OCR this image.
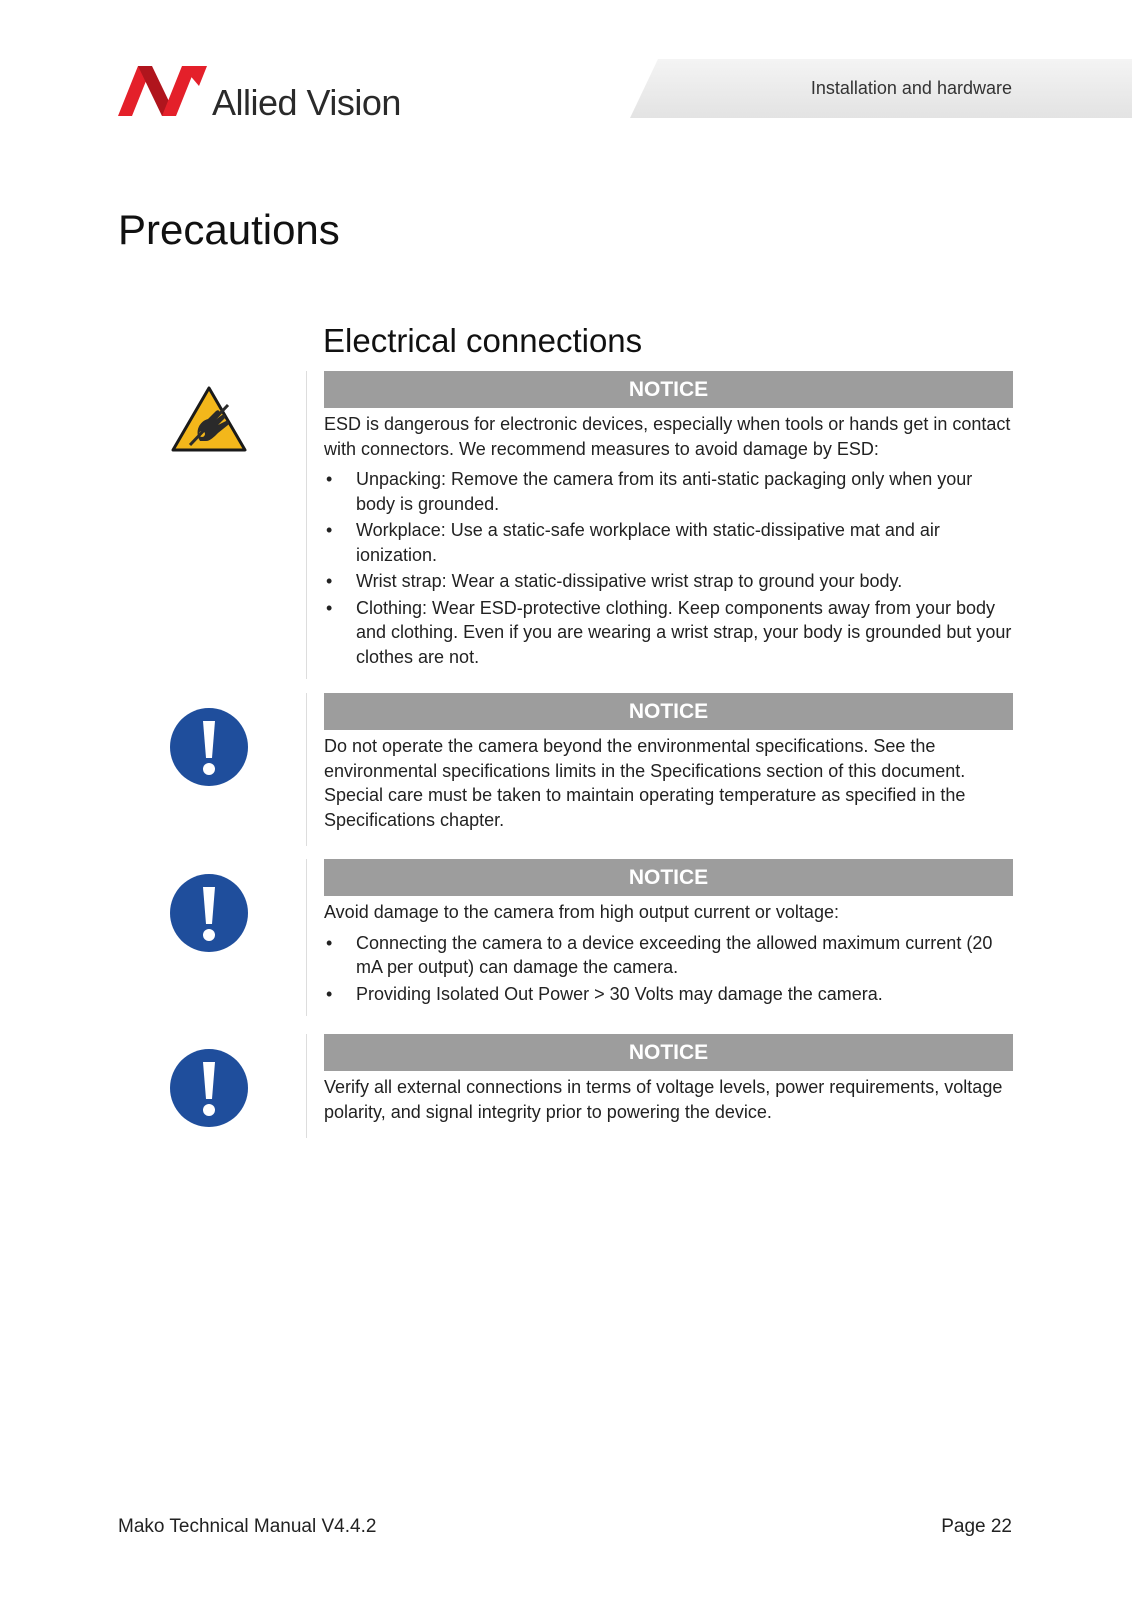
Installation and hardware
Allied Vision
Precautions
Electrical connections
NOTICE

ESD is dangerous for electronic devices, especially when tools or hands get in contact with connectors. We recommend measures to avoid damage by ESD:

• Unpacking: Remove the camera from its anti-static packaging only when your body is grounded.
• Workplace: Use a static-safe workplace with static-dissipative mat and air ionization.
• Wrist strap: Wear a static-dissipative wrist strap to ground your body.
• Clothing: Wear ESD-protective clothing. Keep components away from your body and clothing. Even if you are wearing a wrist strap, your body is grounded but your clothes are not.
NOTICE

Do not operate the camera beyond the environmental specifications. See the environmental specifications limits in the Specifications section of this document. Special care must be taken to maintain operating temperature as specified in the Specifications chapter.

NOTICE

Avoid damage to the camera from high output current or voltage:

• Connecting the camera to a device exceeding the allowed maximum current (20 mA per output) can damage the camera.
• Providing Isolated Out Power > 30 Volts may damage the camera.
NOTICE

Verify all external connections in terms of voltage levels, power requirements, voltage polarity, and signal integrity prior to powering the device.

Mako Technical Manual V4.4.2	Page 22
